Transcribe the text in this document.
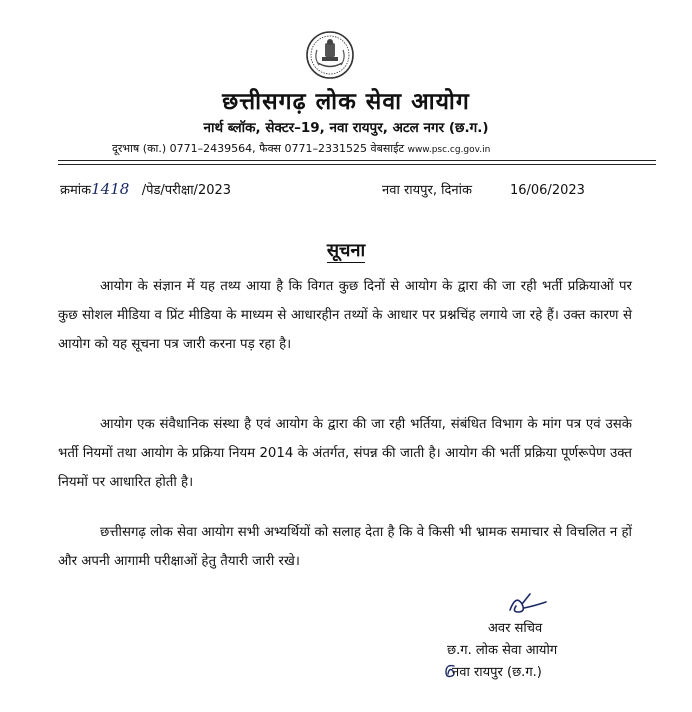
छत्तीसगढ़ लोक सेवा आयोग
नार्थ ब्लॉक, सेक्टर–19, नवा रायपुर, अटल नगर (छ.ग.)
दूरभाष (का.) 0771–2439564, फैक्स 0771–2331525 वेबसाईट www.psc.cg.gov.in
क्रमांक1418 /पेड/परीक्षा/2023	नवा रायपुर, दिनांक	16/06/2023
सूचना

आयोग के संज्ञान में यह तथ्य आया है कि विगत कुछ दिनों से आयोग के द्वारा की जा रही भर्ती प्रक्रियाओं पर कुछ सोशल मीडिया व प्रिंट मीडिया के माध्यम से आधारहीन तथ्यों के आधार पर प्रश्नचिंह लगाये जा रहे हैं। उक्त कारण से आयोग को यह सूचना पत्र जारी करना पड़ रहा है।

आयोग एक संवैधानिक संस्था है एवं आयोग के द्वारा की जा रही भर्तिया, संबंधित विभाग के मांग पत्र एवं उसके भर्ती नियमों तथा आयोग के प्रक्रिया नियम 2014 के अंतर्गत, संपन्न की जाती है। आयोग की भर्ती प्रक्रिया पूर्णरूपेण उक्त नियमों पर आधारित होती है।

छत्तीसगढ़ लोक सेवा आयोग सभी अभ्यर्थियों को सलाह देता है कि वे किसी भी भ्रामक समाचार से विचलित न हों और अपनी आगामी परीक्षाओं हेतु तैयारी जारी रखे।

अवर सचिव
छ.ग. लोक सेवा आयोग
नवा रायपुर (छ.ग.)
